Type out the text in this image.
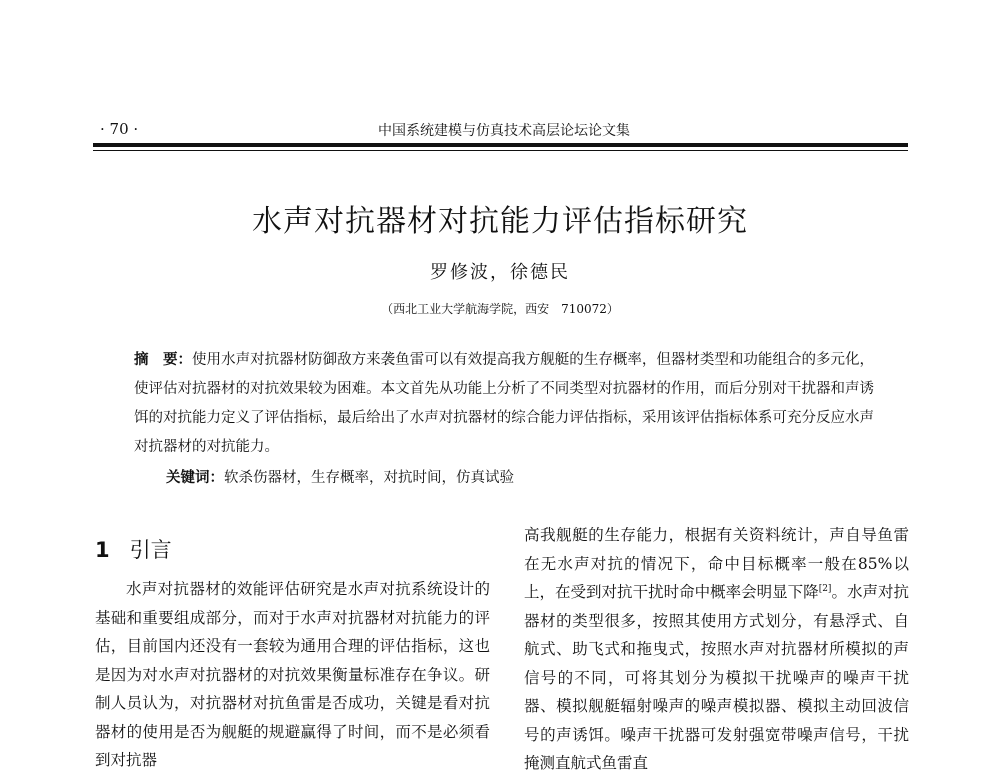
· 70 ·	中国系统建模与仿真技术高层论坛论文集
水声对抗器材对抗能力评估指标研究
罗修波，徐德民
（西北工业大学航海学院，西安　710072）
摘　要：使用水声对抗器材防御敌方来袭鱼雷可以有效提高我方舰艇的生存概率，但器材类型和功能组合的多元化，使评估对抗器材的对抗效果较为困难。本文首先从功能上分析了不同类型对抗器材的作用，而后分别对干扰器和声诱饵的对抗能力定义了评估指标，最后给出了水声对抗器材的综合能力评估指标，采用该评估指标体系可充分反应水声对抗器材的对抗能力。
关键词：软杀伤器材，生存概率，对抗时间，仿真试验
1 引言
水声对抗器材的效能评估研究是水声对抗系统设计的基础和重要组成部分，而对于水声对抗器材对抗能力的评估，目前国内还没有一套较为通用合理的评估指标，这也是因为对水声对抗器材的对抗效果衡量标准存在争议。研制人员认为，对抗器材对抗鱼雷是否成功，关键是看对抗器材的使用是否为舰艇的规避赢得了时间，而不是必须看到对抗器
高我舰艇的生存能力，根据有关资料统计，声自导鱼雷在无水声对抗的情况下，命中目标概率一般在85%以上，在受到对抗干扰时命中概率会明显下降[2]。水声对抗器材的类型很多，按照其使用方式划分，有悬浮式、自航式、助飞式和拖曳式，按照水声对抗器材所模拟的声信号的不同，可将其划分为模拟干扰噪声的噪声干扰器、模拟舰艇辐射噪声的噪声模拟器、模拟主动回波信号的声诱饵。噪声干扰器可发射强宽带噪声信号，干扰掩测直航式鱼雷直
